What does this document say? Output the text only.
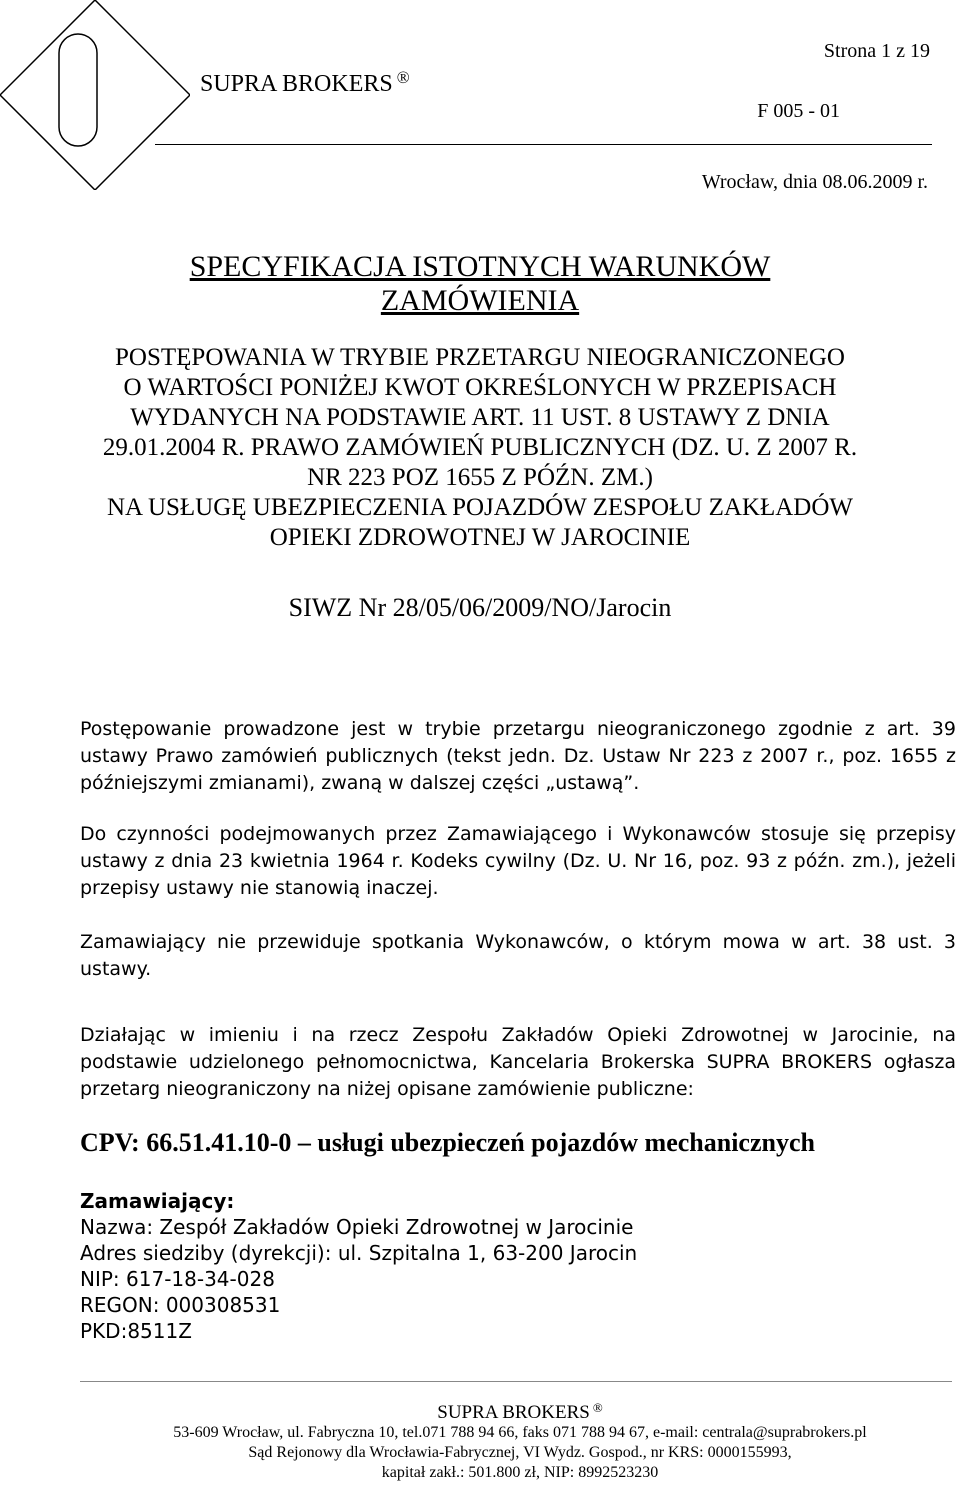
SUPRA BROKERS ®
Strona 1 z 19
F 005 - 01
Wrocław, dnia 08.06.2009 r.
SPECYFIKACJA ISTOTNYCH WARUNKÓW
ZAMÓWIENIA
POSTĘPOWANIA W TRYBIE PRZETARGU NIEOGRANICZONEGO
O WARTOŚCI PONIŻEJ KWOT OKREŚLONYCH W PRZEPISACH
WYDANYCH NA PODSTAWIE ART. 11 UST. 8 USTAWY Z DNIA
29.01.2004 R. PRAWO ZAMÓWIEŃ PUBLICZNYCH (DZ. U. Z 2007 R.
NR 223 POZ 1655 Z PÓŹN. ZM.)
NA USŁUGĘ UBEZPIECZENIA POJAZDÓW ZESPOŁU ZAKŁADÓW
OPIEKI ZDROWOTNEJ W JAROCINIE
SIWZ Nr 28/05/06/2009/NO/Jarocin
Postępowanie prowadzone jest w trybie przetargu nieograniczonego zgodnie z art. 39 ustawy Prawo zamówień publicznych (tekst jedn. Dz. Ustaw Nr 223 z 2007 r., poz. 1655 z późniejszymi zmianami), zwaną w dalszej części „ustawą”.
Do czynności podejmowanych przez Zamawiającego i Wykonawców stosuje się przepisy ustawy z dnia 23 kwietnia 1964 r. Kodeks cywilny (Dz. U. Nr 16, poz. 93 z późn. zm.), jeżeli przepisy ustawy nie stanowią inaczej.
Zamawiający nie przewiduje spotkania Wykonawców, o którym mowa w art. 38 ust. 3 ustawy.
Działając w imieniu i na rzecz Zespołu Zakładów Opieki Zdrowotnej w Jarocinie, na podstawie udzielonego pełnomocnictwa, Kancelaria Brokerska SUPRA BROKERS ogłasza przetarg nieograniczony na niżej opisane zamówienie publiczne:
CPV: 66.51.41.10-0 – usługi ubezpieczeń pojazdów mechanicznych
Zamawiający:
Nazwa: Zespół Zakładów Opieki Zdrowotnej w Jarocinie
Adres siedziby (dyrekcji): ul. Szpitalna 1, 63-200 Jarocin
NIP: 617-18-34-028
REGON: 000308531
PKD:8511Z
SUPRA BROKERS ®
53-609 Wrocław, ul. Fabryczna 10, tel.071 788 94 66, faks 071 788 94 67, e-mail: centrala@suprabrokers.pl
Sąd Rejonowy dla Wrocławia-Fabrycznej, VI Wydz. Gospod., nr KRS: 0000155993,
kapitał zakł.: 501.800 zł, NIP: 8992523230
